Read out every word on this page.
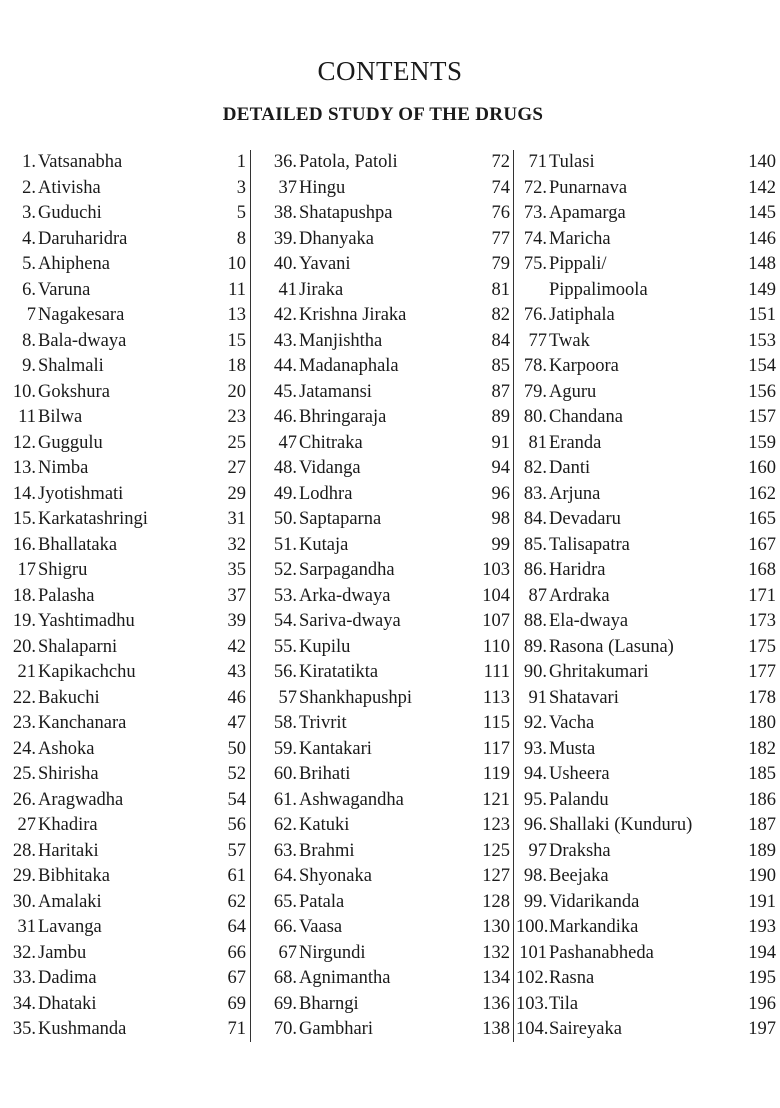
CONTENTS
DETAILED STUDY OF THE DRUGS
1. Vatsanabha	1
2. Ativisha	3
3. Guduchi	5
4. Daruharidra	8
5. Ahiphena	10
6. Varuna	11
7 Nagakesara	13
8. Bala-dwaya	15
9. Shalmali	18
10. Gokshura	20
11 Bilwa	23
12. Guggulu	25
13. Nimba	27
14. Jyotishmati	29
15. Karkatashringi	31
16. Bhallataka	32
17 Shigru	35
18. Palasha	37
19. Yashtimadhu	39
20. Shalaparni	42
21 Kapikachchu	43
22. Bakuchi	46
23. Kanchanara	47
24. Ashoka	50
25. Shirisha	52
26. Aragwadha	54
27 Khadira	56
28. Haritaki	57
29. Bibhitaka	61
30. Amalaki	62
31 Lavanga	64
32. Jambu	66
33. Dadima	67
34. Dhataki	69
35. Kushmanda	71
36. Patola, Patoli	72
37 Hingu	74
38. Shatapushpa	76
39. Dhanyaka	77
40. Yavani	79
41 Jiraka	81
42. Krishna Jiraka	82
43. Manjishtha	84
44. Madanaphala	85
45. Jatamansi	87
46. Bhringaraja	89
47 Chitraka	91
48. Vidanga	94
49. Lodhra	96
50. Saptaparna	98
51. Kutaja	99
52. Sarpagandha	103
53. Arka-dwaya	104
54. Sariva-dwaya	107
55. Kupilu	110
56. Kiratatikta	111
57 Shankhapushpi	113
58. Trivrit	115
59. Kantakari	117
60. Brihati	119
61. Ashwagandha	121
62. Katuki	123
63. Brahmi	125
64. Shyonaka	127
65. Patala	128
66. Vaasa	130
67 Nirgundi	132
68. Agnimantha	134
69. Bharngi	136
70. Gambhari	138
71 Tulasi	140
72. Punarnava	142
73. Apamarga	145
74. Maricha	146
75. Pippali/	148
Pippalimoola	149
76. Jatiphala	151
77 Twak	153
78. Karpoora	154
79. Aguru	156
80. Chandana	157
81 Eranda	159
82. Danti	160
83. Arjuna	162
84. Devadaru	165
85. Talisapatra	167
86. Haridra	168
87 Ardraka	171
88. Ela-dwaya	173
89. Rasona (Lasuna)	175
90. Ghritakumari	177
91 Shatavari	178
92. Vacha	180
93. Musta	182
94. Usheera	185
95. Palandu	186
96. Shallaki (Kunduru)	187
97 Draksha	189
98. Beejaka	190
99. Vidarikanda	191
100. Markandika	193
101 Pashanabheda	194
102. Rasna	195
103. Tila	196
104. Saireyaka	197
